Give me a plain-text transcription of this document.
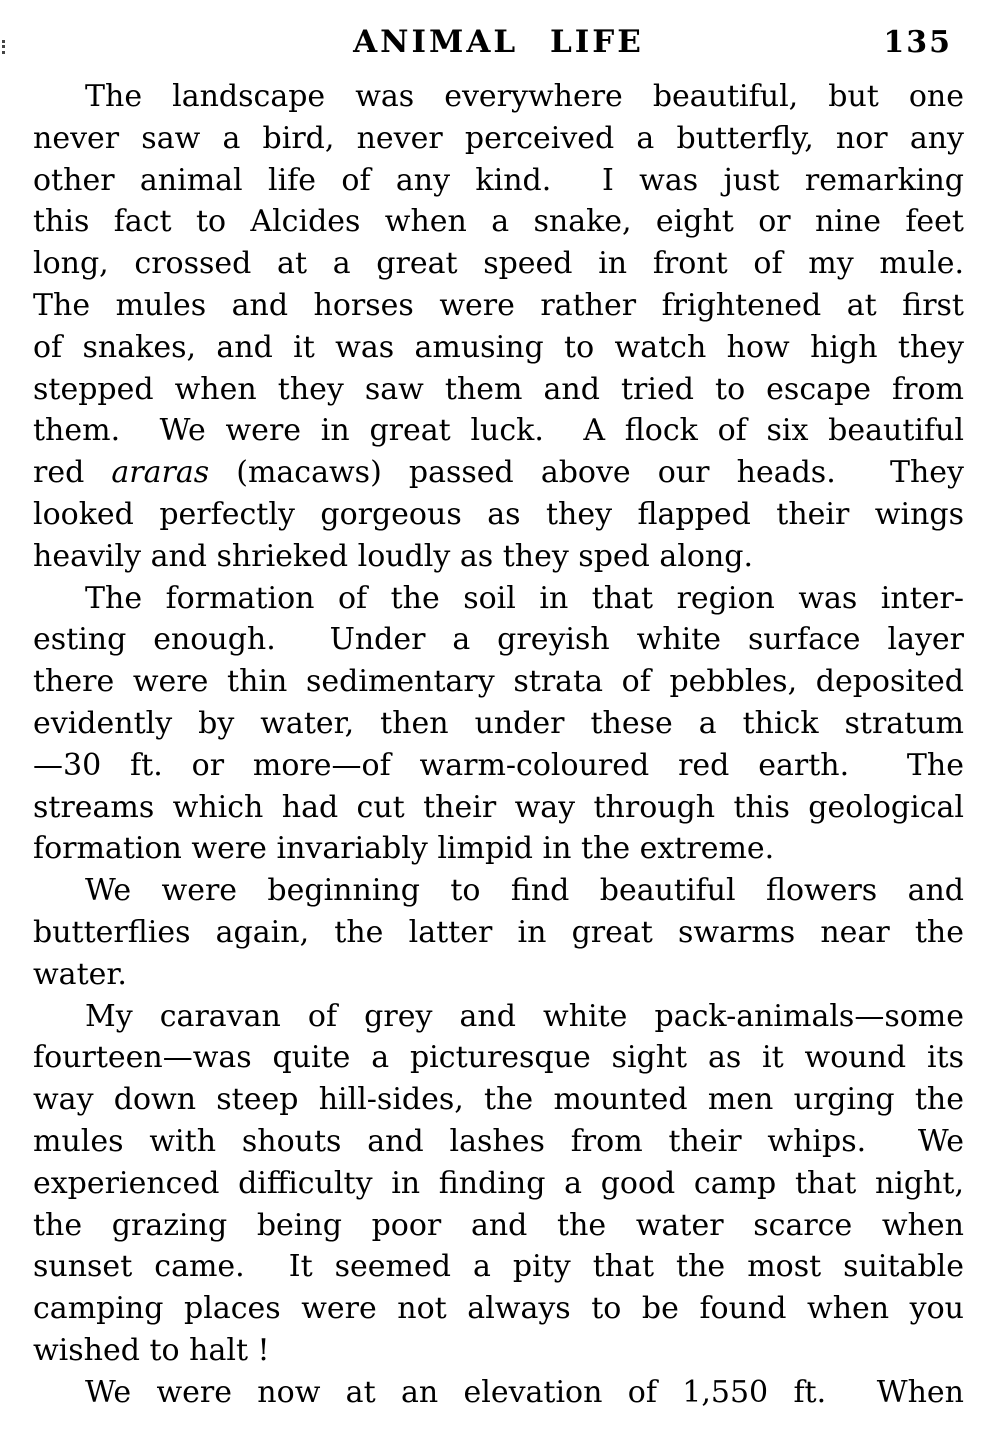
ANIMAL LIFE	135
The landscape was everywhere beautiful, but one
never saw a bird, never perceived a butterfly, nor any
other animal life of any kind.  I was just remarking
this fact to Alcides when a snake, eight or nine feet
long, crossed at a great speed in front of my mule.
The mules and horses were rather frightened at first
of snakes, and it was amusing to watch how high they
stepped when they saw them and tried to escape from
them.  We were in great luck.  A flock of six beautiful
red araras (macaws) passed above our heads.  They
looked perfectly gorgeous as they flapped their wings
heavily and shrieked loudly as they sped along.
The formation of the soil in that region was inter-
esting enough.  Under a greyish white surface layer
there were thin sedimentary strata of pebbles, deposited
evidently by water, then under these a thick stratum
—30 ft. or more—of warm-coloured red earth.  The
streams which had cut their way through this geological
formation were invariably limpid in the extreme.
We were beginning to find beautiful flowers and
butterflies again, the latter in great swarms near the
water.
My caravan of grey and white pack-animals—some
fourteen—was quite a picturesque sight as it wound its
way down steep hill-sides, the mounted men urging the
mules with shouts and lashes from their whips.  We
experienced difficulty in finding a good camp that night,
the grazing being poor and the water scarce when
sunset came.  It seemed a pity that the most suitable
camping places were not always to be found when you
wished to halt !
We were now at an elevation of 1,550 ft.  When
